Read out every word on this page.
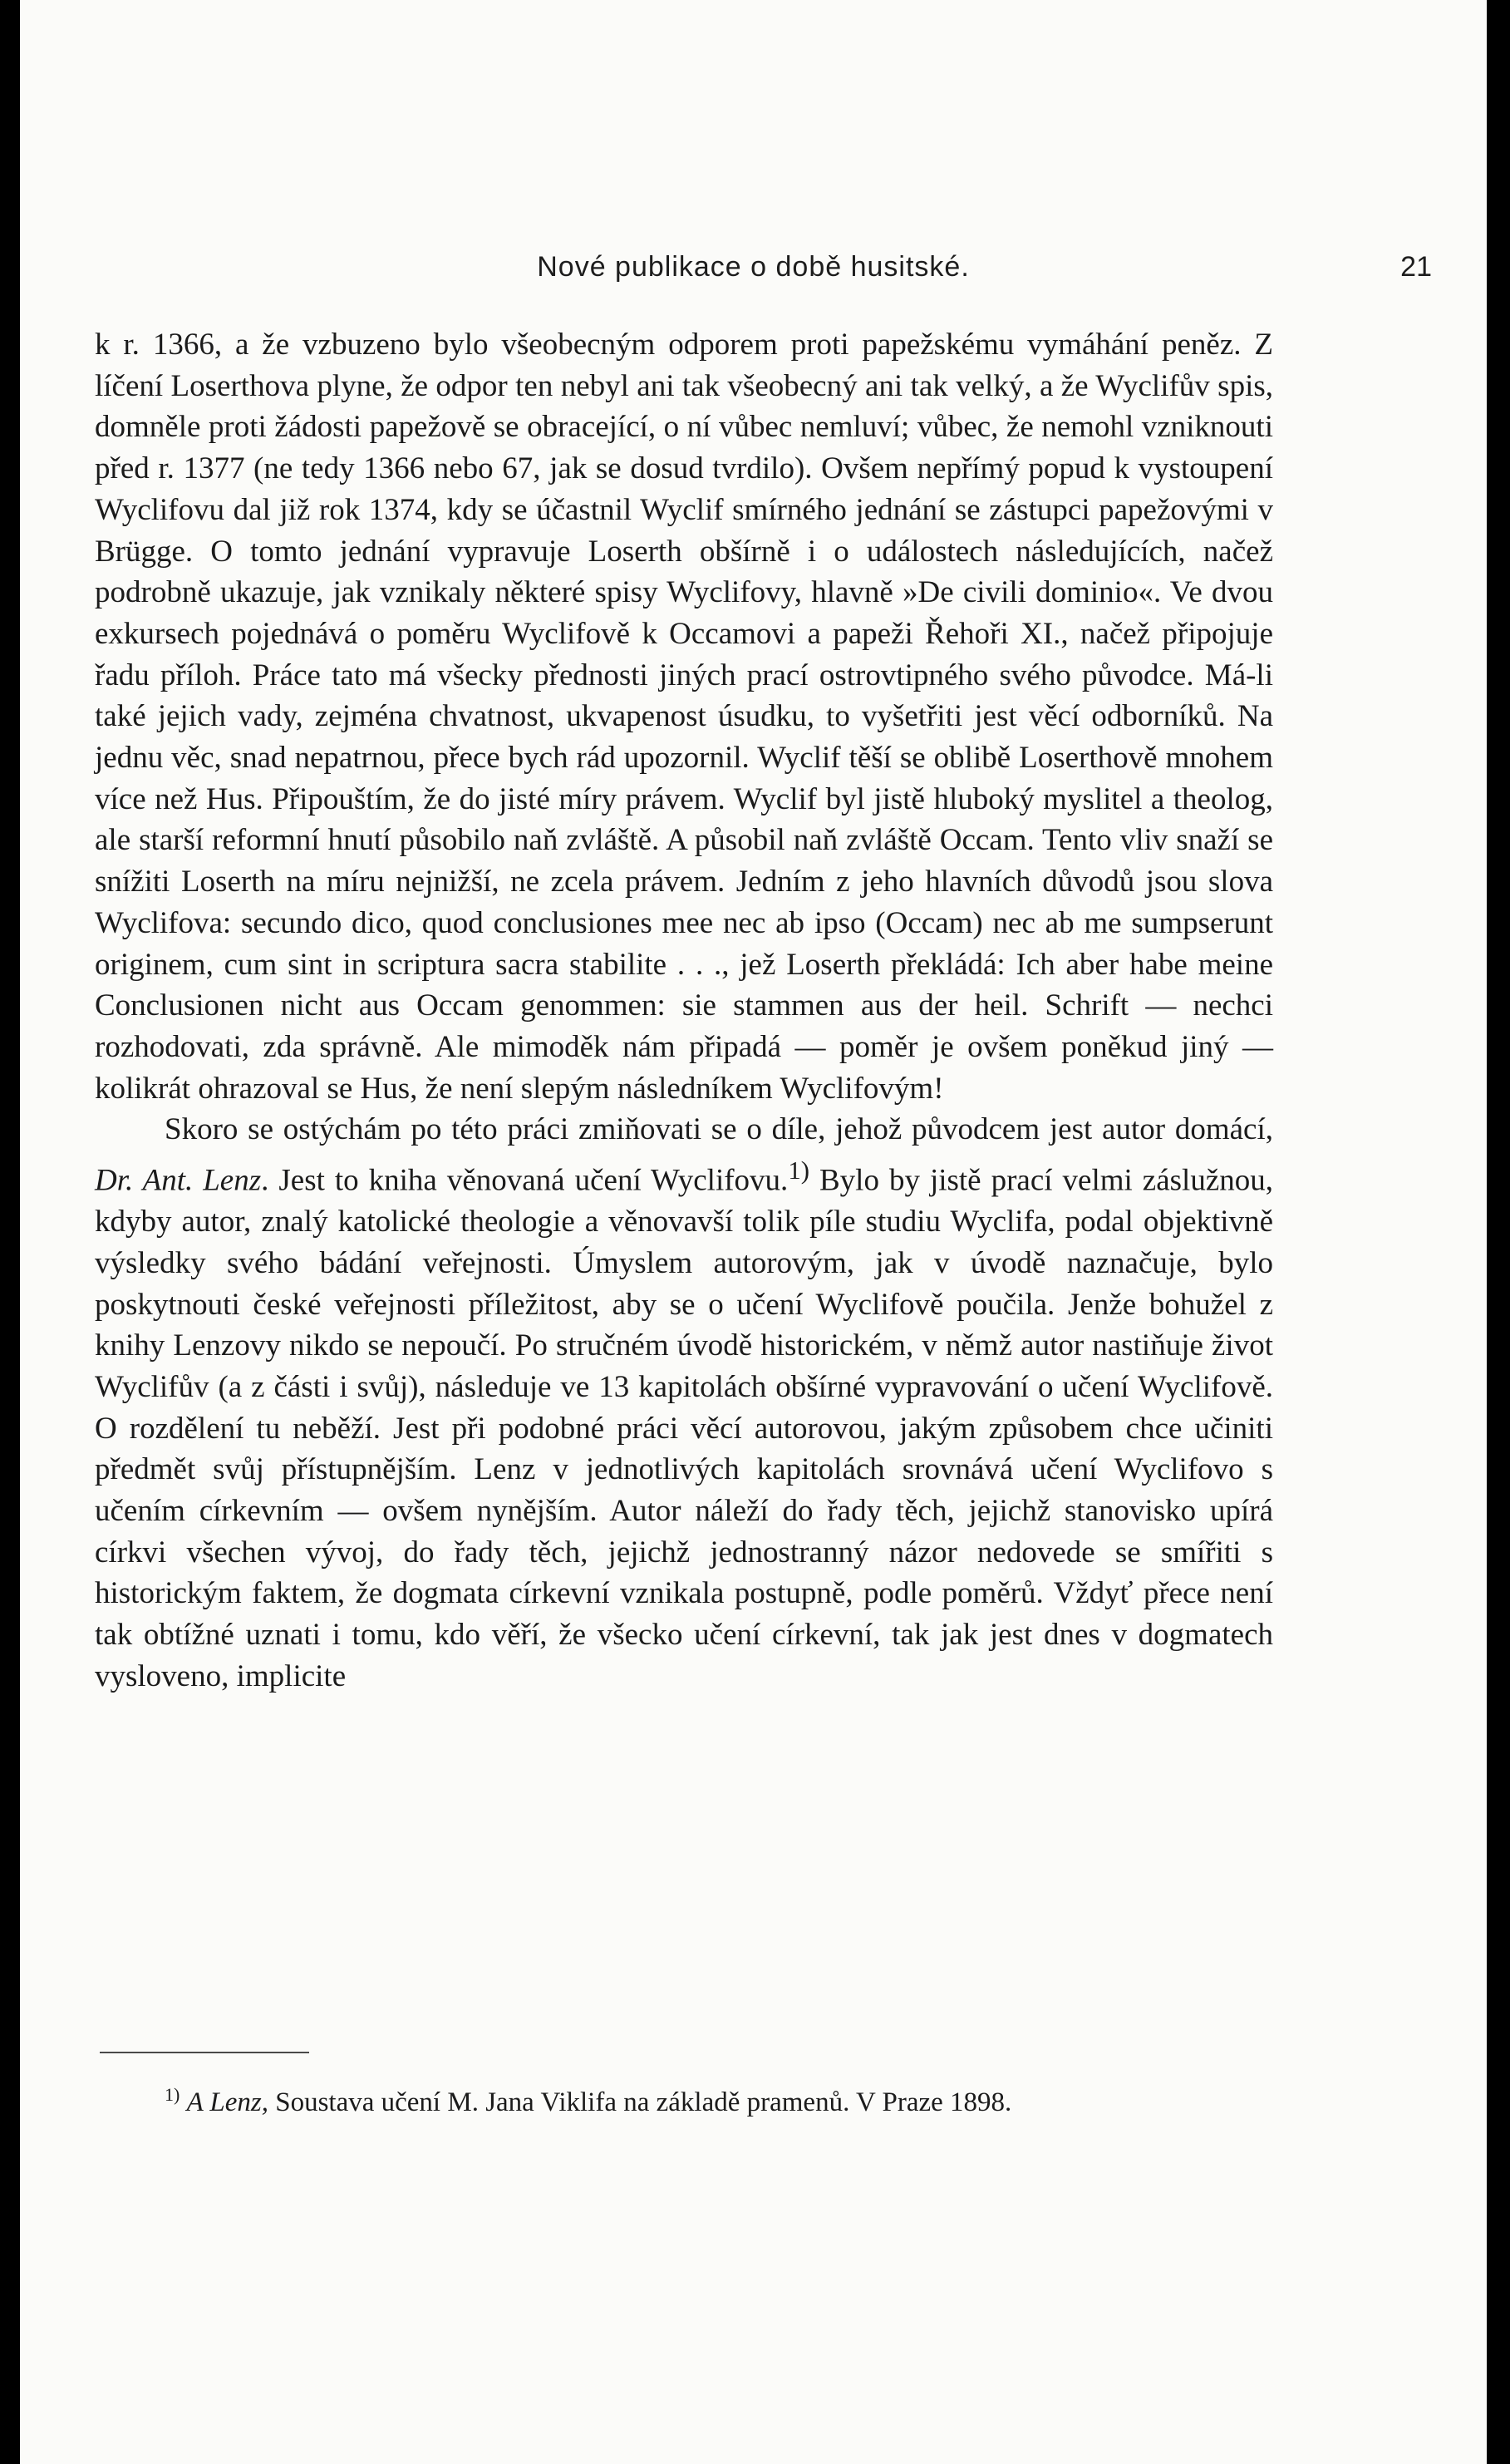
Nové publikace o době husitské.	21

k r. 1366, a že vzbuzeno bylo všeobecným odporem proti papežskému vymáhání peněz. Z líčení Loserthova plyne, že odpor ten nebyl ani tak všeobecný ani tak velký, a že Wyclifův spis, domněle proti žádosti papežově se obracející, o ní vůbec nemluví; vůbec, že nemohl vzniknouti před r. 1377 (ne tedy 1366 nebo 67, jak se dosud tvrdilo). Ovšem nepřímý popud k vystoupení Wyclifovu dal již rok 1374, kdy se účastnil Wyclif smírného jednání se zástupci papežovými v Brügge. O tomto jednání vypravuje Loserth obšírně i o událostech následujících, načež podrobně ukazuje, jak vznikaly některé spisy Wyclifovy, hlavně »De civili dominio«. Ve dvou exkursech pojednává o poměru Wyclifově k Occamovi a papeži Řehoři XI., načež připojuje řadu příloh. Práce tato má všecky přednosti jiných prací ostrovtipného svého původce. Má-li také jejich vady, zejména chvatnost, ukvapenost úsudku, to vyšetřiti jest věcí odborníků. Na jednu věc, snad nepatrnou, přece bych rád upozornil. Wyclif těší se oblibě Loserthově mnohem více než Hus. Připouštím, že do jisté míry právem. Wyclif byl jistě hluboký myslitel a theolog, ale starší reformní hnutí působilo naň zvláště. A působil naň zvláště Occam. Tento vliv snaží se snížiti Loserth na míru nejnižší, ne zcela právem. Jedním z jeho hlavních důvodů jsou slova Wyclifova: secundo dico, quod conclusiones mee nec ab ipso (Occam) nec ab me sumpserunt originem, cum sint in scriptura sacra stabilite . . ., jež Loserth překládá: Ich aber habe meine Conclusionen nicht aus Occam genommen: sie stammen aus der heil. Schrift — nechci rozhodovati, zda správně. Ale mimoděk nám připadá — poměr je ovšem poněkud jiný — kolikrát ohrazoval se Hus, že není slepým následníkem Wyclifovým!

Skoro se ostýchám po této práci zmiňovati se o díle, jehož původcem jest autor domácí, Dr. Ant. Lenz. Jest to kniha věnovaná učení Wyclifovu.$^{1)}$ Bylo by jistě prací velmi záslužnou, kdyby autor, znalý katolické theologie a věnovavší tolik píle studiu Wyclifa, podal objektivně výsledky svého bádání veřejnosti. Úmyslem autorovým, jak v úvodě naznačuje, bylo poskytnouti české veřejnosti příležitost, aby se o učení Wyclifově poučila. Jenže bohužel z knihy Lenzovy nikdo se nepoučí. Po stručném úvodě historickém, v němž autor nastiňuje život Wyclifův (a z části i svůj), následuje ve 13 kapitolách obšírné vypravování o učení Wyclifově. O rozdělení tu neběží. Jest při podobné práci věcí autorovou, jakým způsobem chce učiniti předmět svůj přístupnějším. Lenz v jednotlivých kapitolách srovnává učení Wyclifovo s učením církevním — ovšem nynějším. Autor náleží do řady těch, jejichž stanovisko upírá církvi všechen vývoj, do řady těch, jejichž jednostranný názor nedovede se smířiti s historickým faktem, že dogmata církevní vznikala postupně, podle poměrů. Vždyť přece není tak obtížné uznati i tomu, kdo věří, že všecko učení církevní, tak jak jest dnes v dogmatech vysloveno, implicite

$^{1)}$ A Lenz, Soustava učení M. Jana Viklifa na základě pramenů. V Praze 1898.
